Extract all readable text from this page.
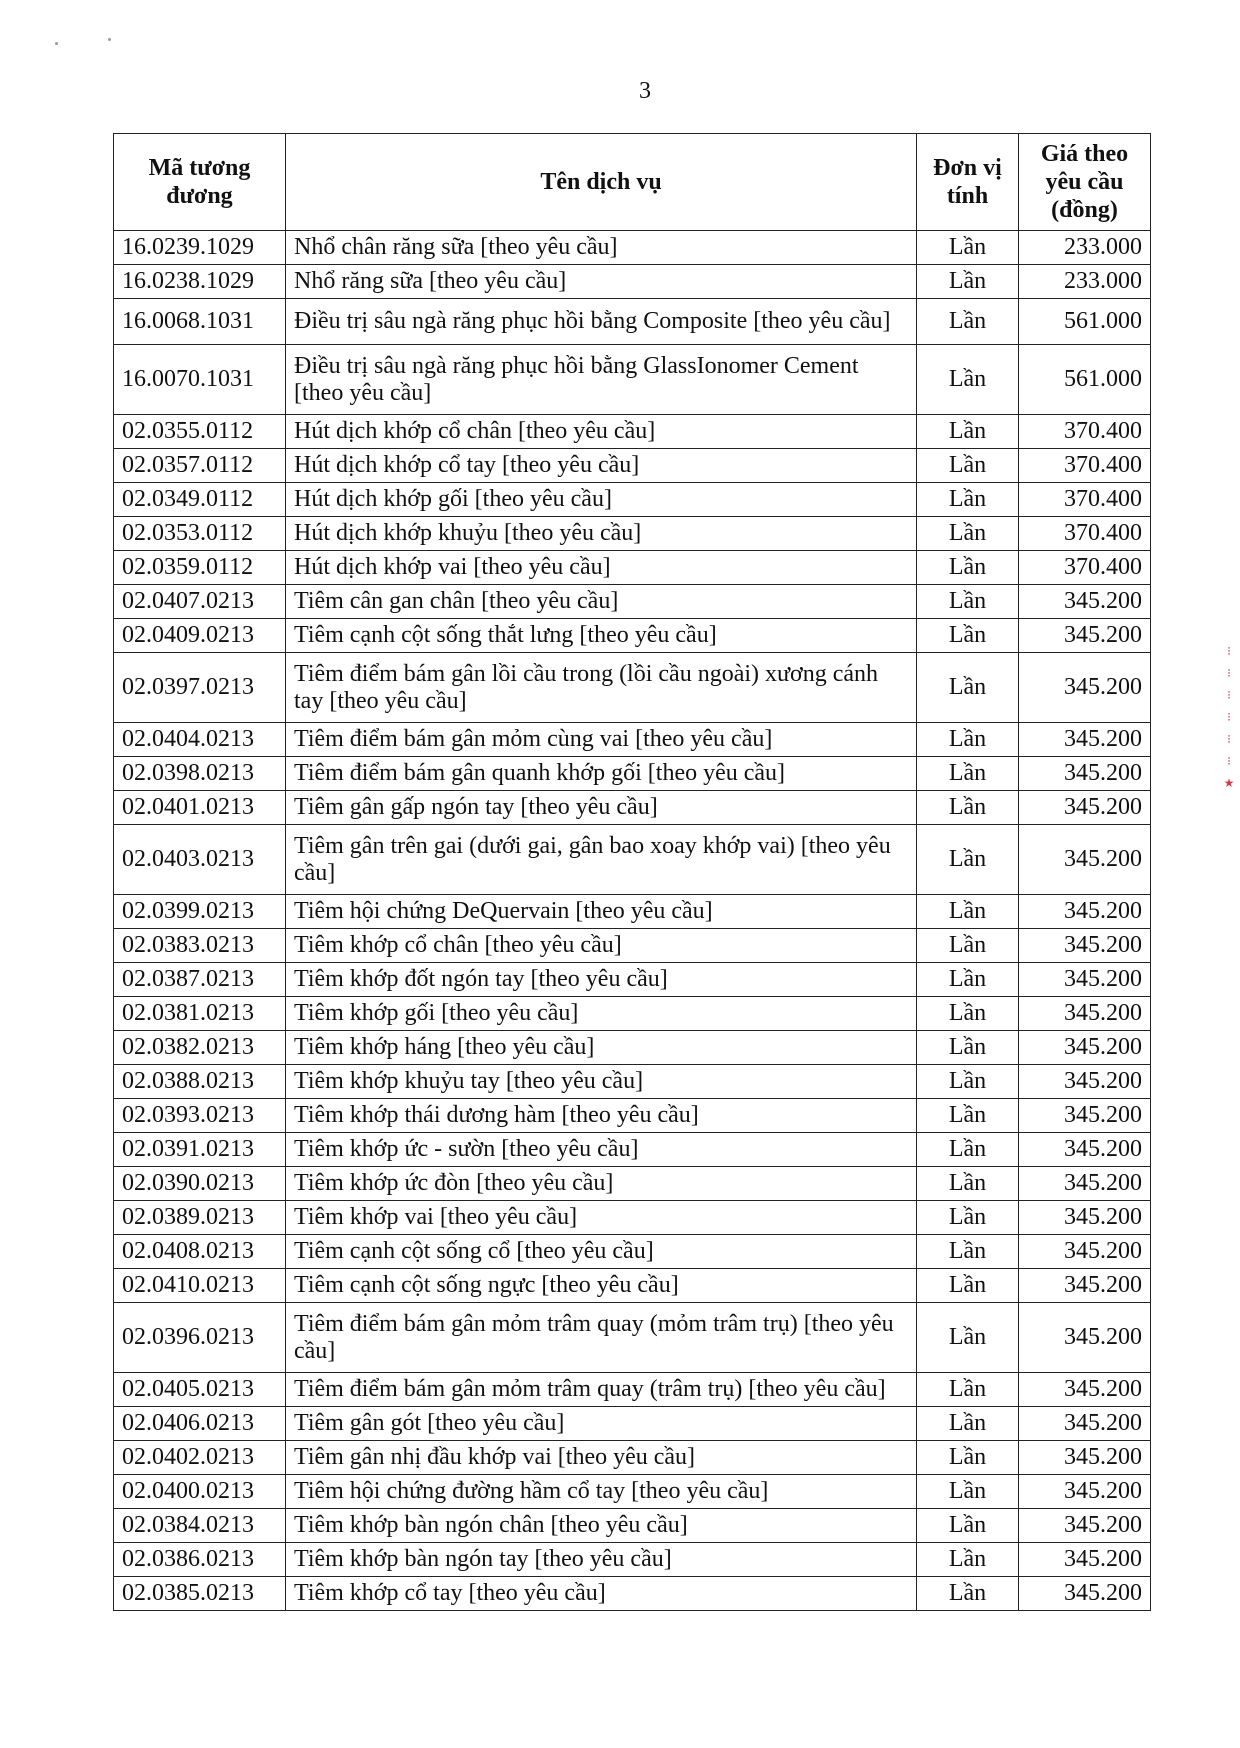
3
Mã tương đương	Tên dịch vụ	Đơn vị tính	Giá theo yêu cầu (đồng)
16.0239.1029	Nhổ chân răng sữa [theo yêu cầu]	Lần	233.000
16.0238.1029	Nhổ răng sữa [theo yêu cầu]	Lần	233.000
16.0068.1031	Điều trị sâu ngà răng phục hồi bằng Composite [theo yêu cầu]	Lần	561.000
16.0070.1031	Điều trị sâu ngà răng phục hồi bằng GlassIonomer Cement [theo yêu cầu]	Lần	561.000
02.0355.0112	Hút dịch khớp cổ chân [theo yêu cầu]	Lần	370.400
02.0357.0112	Hút dịch khớp cổ tay [theo yêu cầu]	Lần	370.400
02.0349.0112	Hút dịch khớp gối [theo yêu cầu]	Lần	370.400
02.0353.0112	Hút dịch khớp khuỷu [theo yêu cầu]	Lần	370.400
02.0359.0112	Hút dịch khớp vai [theo yêu cầu]	Lần	370.400
02.0407.0213	Tiêm cân gan chân [theo yêu cầu]	Lần	345.200
02.0409.0213	Tiêm cạnh cột sống thắt lưng [theo yêu cầu]	Lần	345.200
02.0397.0213	Tiêm điểm bám gân lồi cầu trong (lồi cầu ngoài) xương cánh tay [theo yêu cầu]	Lần	345.200
02.0404.0213	Tiêm điểm bám gân mỏm cùng vai [theo yêu cầu]	Lần	345.200
02.0398.0213	Tiêm điểm bám gân quanh khớp gối [theo yêu cầu]	Lần	345.200
02.0401.0213	Tiêm gân gấp ngón tay [theo yêu cầu]	Lần	345.200
02.0403.0213	Tiêm gân trên gai (dưới gai, gân bao xoay khớp vai) [theo yêu cầu]	Lần	345.200
02.0399.0213	Tiêm hội chứng DeQuervain [theo yêu cầu]	Lần	345.200
02.0383.0213	Tiêm khớp cổ chân [theo yêu cầu]	Lần	345.200
02.0387.0213	Tiêm khớp đốt ngón tay [theo yêu cầu]	Lần	345.200
02.0381.0213	Tiêm khớp gối [theo yêu cầu]	Lần	345.200
02.0382.0213	Tiêm khớp háng [theo yêu cầu]	Lần	345.200
02.0388.0213	Tiêm khớp khuỷu tay [theo yêu cầu]	Lần	345.200
02.0393.0213	Tiêm khớp thái dương hàm [theo yêu cầu]	Lần	345.200
02.0391.0213	Tiêm khớp ức - sườn [theo yêu cầu]	Lần	345.200
02.0390.0213	Tiêm khớp ức đòn [theo yêu cầu]	Lần	345.200
02.0389.0213	Tiêm khớp vai [theo yêu cầu]	Lần	345.200
02.0408.0213	Tiêm cạnh cột sống cổ [theo yêu cầu]	Lần	345.200
02.0410.0213	Tiêm cạnh cột sống ngực [theo yêu cầu]	Lần	345.200
02.0396.0213	Tiêm điểm bám gân mỏm trâm quay (mỏm trâm trụ) [theo yêu cầu]	Lần	345.200
02.0405.0213	Tiêm điểm bám gân mỏm trâm quay (trâm trụ) [theo yêu cầu]	Lần	345.200
02.0406.0213	Tiêm gân gót [theo yêu cầu]	Lần	345.200
02.0402.0213	Tiêm gân nhị đầu khớp vai [theo yêu cầu]	Lần	345.200
02.0400.0213	Tiêm hội chứng đường hầm cổ tay [theo yêu cầu]	Lần	345.200
02.0384.0213	Tiêm khớp bàn ngón chân [theo yêu cầu]	Lần	345.200
02.0386.0213	Tiêm khớp bàn ngón tay [theo yêu cầu]	Lần	345.200
02.0385.0213	Tiêm khớp cổ tay [theo yêu cầu]	Lần	345.200
⁝
⁝
⁝
⁝
⁝
⁝
★
